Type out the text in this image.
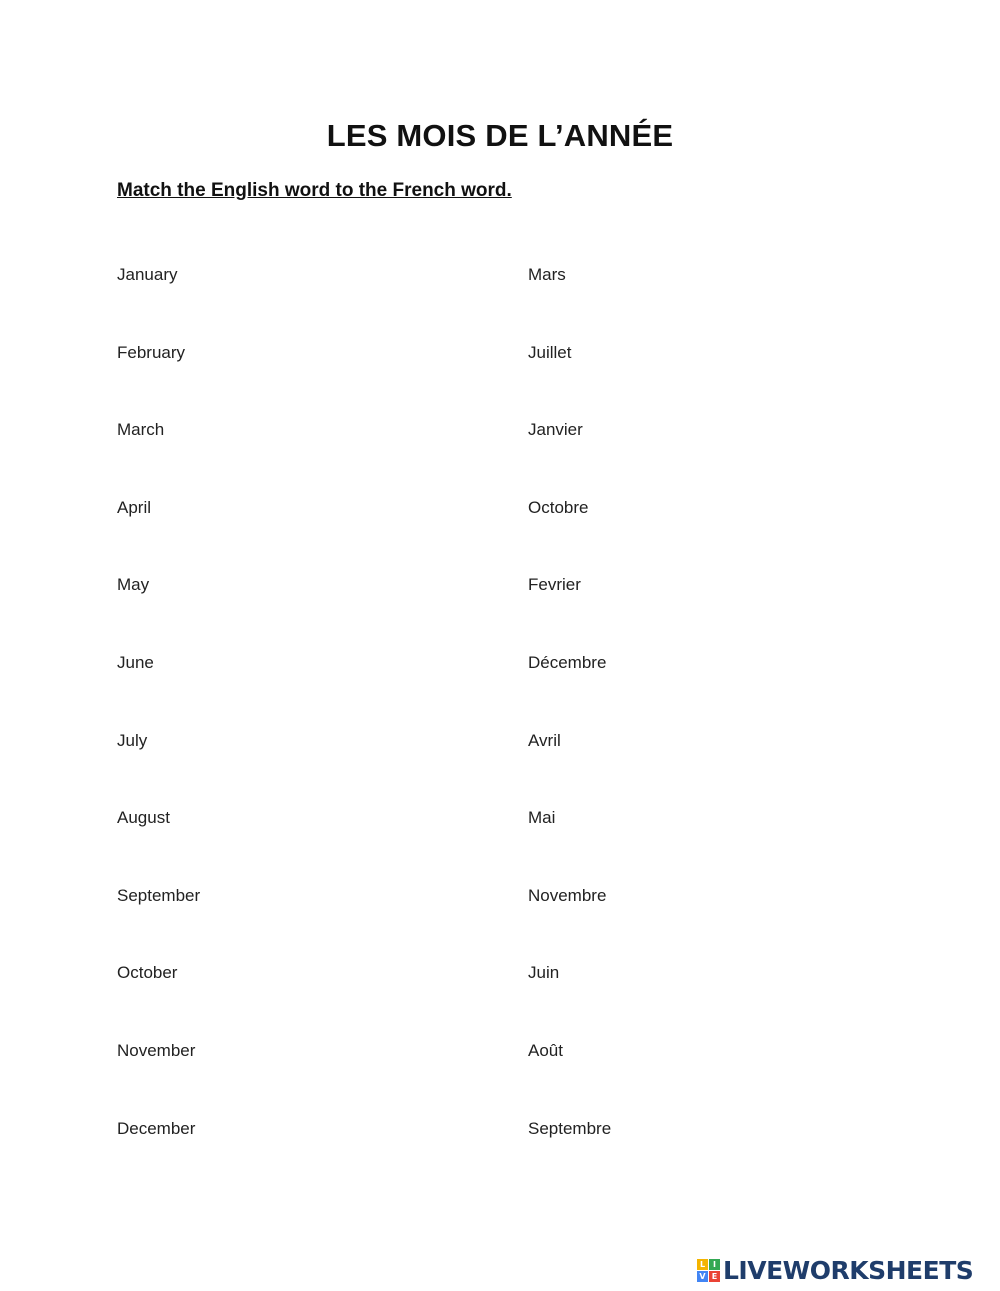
LES MOIS DE L’ANNÉE
Match the English word to the French word.
January
February
March
April
May
June
July
August
September
October
November
December
Mars
Juillet
Janvier
Octobre
Fevrier
Décembre
Avril
Mai
Novembre
Juin
Août
Septembre
L I
V E LIVEWORKSHEETS
